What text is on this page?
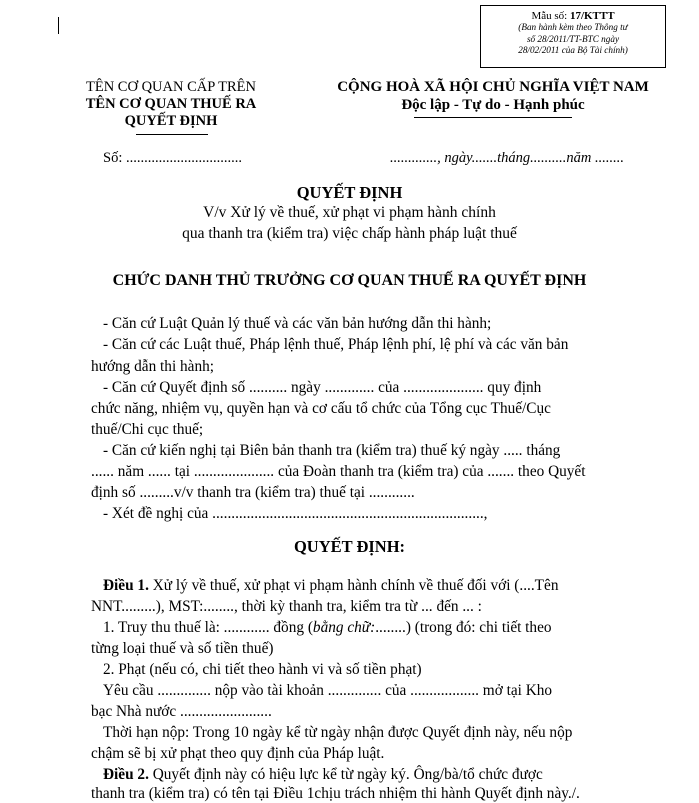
Mẫu số: 17/KTTT
(Ban hành kèm theo Thông tư
số 28/2011/TT-BTC ngày
28/02/2011 của Bộ Tài chính)
TÊN CƠ QUAN CẤP TRÊN
TÊN CƠ QUAN THUẾ RA
QUYẾT ĐỊNH
CỘNG HOÀ XÃ HỘI CHỦ NGHĨA VIỆT NAM
Độc lập - Tự do - Hạnh phúc
Số: ................................	............., ngày.......tháng..........năm ........
QUYẾT ĐỊNH
V/v Xử lý về thuế, xử phạt vi phạm hành chính
qua thanh tra (kiểm tra) việc chấp hành pháp luật thuế
CHỨC DANH THỦ TRƯỞNG CƠ QUAN THUẾ RA QUYẾT ĐỊNH
- Căn cứ Luật Quản lý thuế và các văn bản hướng dẫn thi hành;
- Căn cứ các Luật thuế, Pháp lệnh thuế, Pháp lệnh phí, lệ phí và các văn bản
hướng dẫn thi hành;
- Căn cứ Quyết định số .......... ngày ............. của ..................... quy định
chức năng, nhiệm vụ, quyền hạn và cơ cấu tổ chức của Tổng cục Thuế/Cục
thuế/Chi cục thuế;
- Căn cứ kiến nghị tại Biên bản thanh tra (kiểm tra) thuế ký ngày ..... tháng
...... năm ...... tại ..................... của Đoàn thanh tra (kiểm tra) của ....... theo Quyết
định số .........v/v thanh tra (kiểm tra) thuế tại ............
- Xét đề nghị của .......................................................................,
QUYẾT ĐỊNH:
Điều 1. Xử lý về thuế, xử phạt vi phạm hành chính về thuế đối với (....Tên
NNT.........), MST:........, thời kỳ thanh tra, kiểm tra từ ... đến ... :
1. Truy thu thuế là: ............ đồng (bằng chữ:........) (trong đó: chi tiết theo
từng loại thuế và số tiền thuế)
2. Phạt (nếu có, chi tiết theo hành vi và số tiền phạt)
Yêu cầu .............. nộp vào tài khoản .............. của .................. mở tại Kho
bạc Nhà nước ........................
Thời hạn nộp: Trong 10 ngày kể từ ngày nhận được Quyết định này, nếu nộp
chậm sẽ bị xử phạt theo quy định của Pháp luật.
Điều 2. Quyết định này có hiệu lực kể từ ngày ký. Ông/bà/tổ chức được
thanh tra (kiểm tra) có tên tại Điều 1chịu trách nhiệm thi hành Quyết định này./.
